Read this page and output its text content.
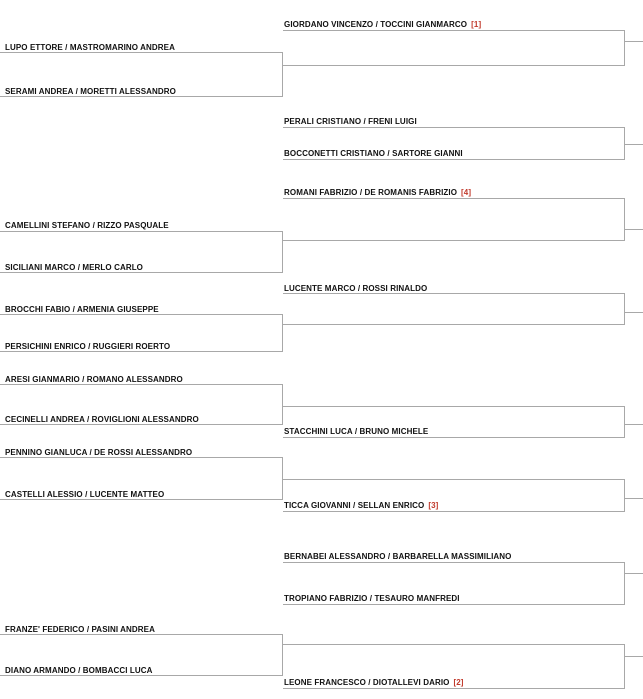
LUPO ETTORE / MASTROMARINO ANDREA
SERAMI ANDREA / MORETTI ALESSANDRO
CAMELLINI STEFANO / RIZZO PASQUALE
SICILIANI MARCO / MERLO CARLO
BROCCHI FABIO / ARMENIA GIUSEPPE
PERSICHINI ENRICO / RUGGIERI ROERTO
ARESI GIANMARIO / ROMANO ALESSANDRO
CECINELLI ANDREA / ROVIGLIONI ALESSANDRO
PENNINO GIANLUCA / DE ROSSI ALESSANDRO
CASTELLI ALESSIO / LUCENTE MATTEO
FRANZE' FEDERICO / PASINI ANDREA
DIANO ARMANDO / BOMBACCI LUCA
GIORDANO VINCENZO / TOCCINI GIANMARCO [1]
PERALI CRISTIANO / FRENI LUIGI
BOCCONETTI CRISTIANO / SARTORE GIANNI
ROMANI FABRIZIO / DE ROMANIS FABRIZIO [4]
LUCENTE MARCO / ROSSI RINALDO
STACCHINI LUCA / BRUNO MICHELE
TICCA GIOVANNI / SELLAN ENRICO [3]
BERNABEI ALESSANDRO / BARBARELLA MASSIMILIANO
TROPIANO FABRIZIO / TESAURO MANFREDI
LEONE FRANCESCO / DIOTALLEVI DARIO [2]
